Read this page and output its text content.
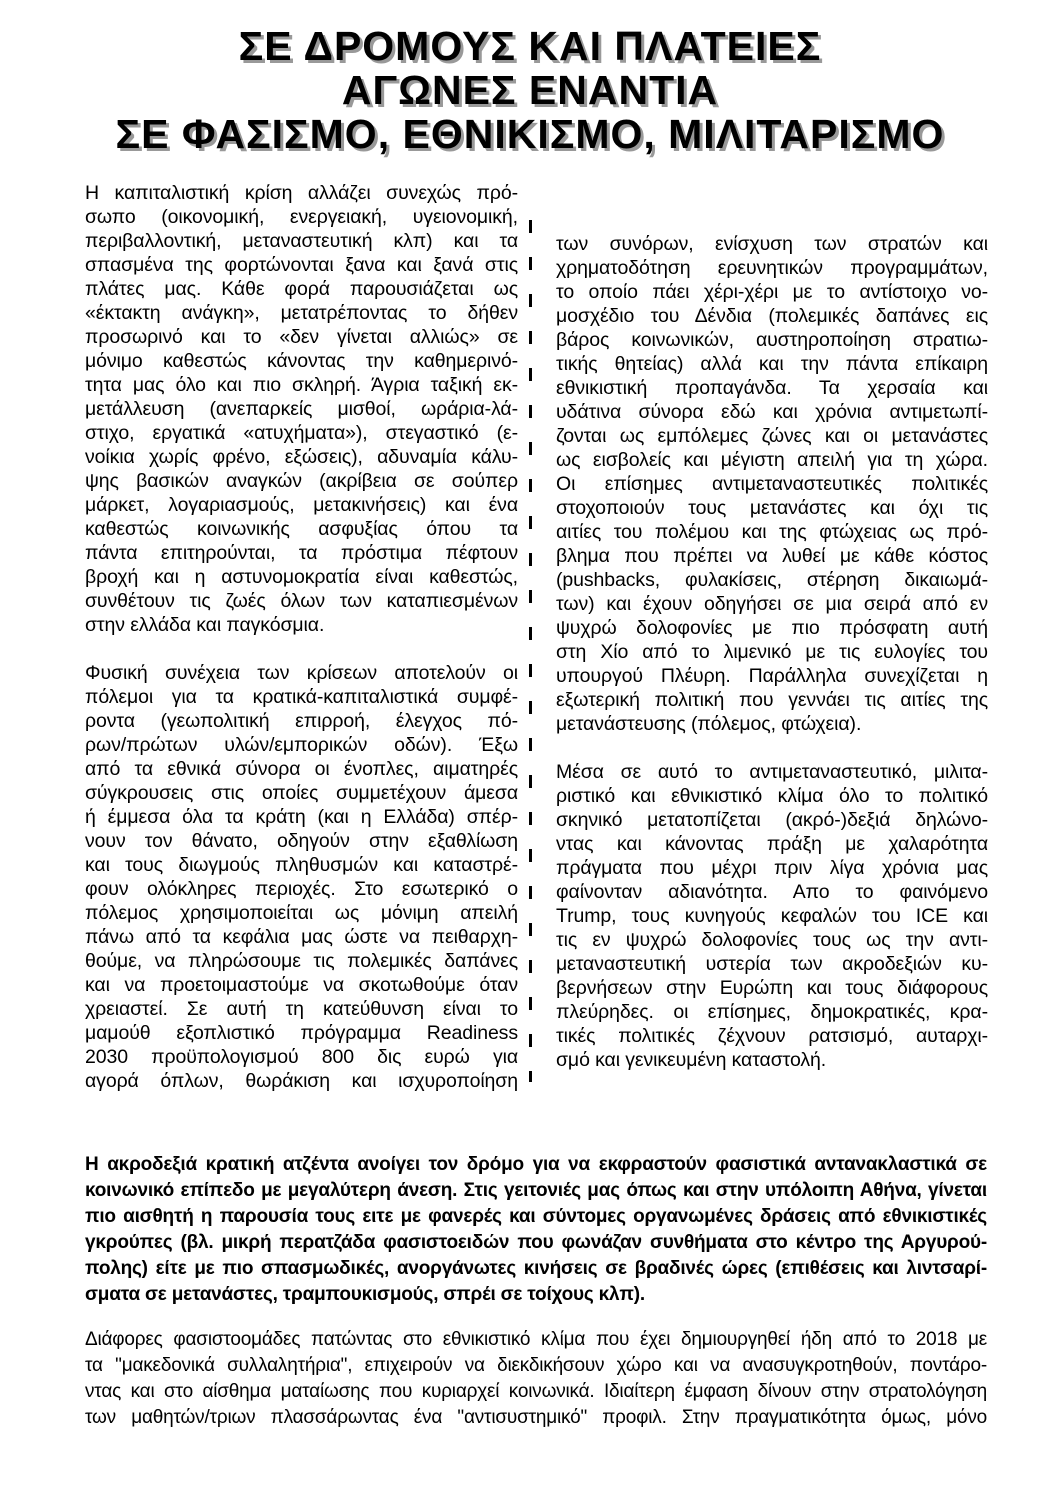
ΣΕ ΔΡΟΜΟΥΣ ΚΑΙ ΠΛΑΤΕΙΕΣ
ΑΓΩΝΕΣ ΕΝΑΝΤΙΑ
ΣΕ ΦΑΣΙΣΜΟ, ΕΘΝΙΚΙΣΜΟ, ΜΙΛΙΤΑΡΙΣΜΟ
Η καπιταλιστική κρίση αλλάζει συνεχώς πρό-
σωπο (οικονομική, ενεργειακή, υγειονομική,
περιβαλλοντική, μεταναστευτική κλπ) και τα
σπασμένα της φορτώνονται ξανα και ξανά στις
πλάτες μας. Κάθε φορά παρουσιάζεται ως
«έκτακτη ανάγκη», μετατρέποντας το δήθεν
προσωρινό και το «δεν γίνεται αλλιώς» σε
μόνιμο καθεστώς κάνοντας την καθημερινό-
τητα μας όλο και πιο σκληρή. Άγρια ταξική εκ-
μετάλλευση (ανεπαρκείς μισθοί, ωράρια-λά-
στιχο, εργατικά «ατυχήματα»), στεγαστικό (ε-
νοίκια χωρίς φρένο, εξώσεις), αδυναμία κάλυ-
ψης βασικών αναγκών (ακρίβεια σε σούπερ
μάρκετ, λογαριασμούς, μετακινήσεις) και ένα
καθεστώς κοινωνικής ασφυξίας όπου τα
πάντα επιτηρούνται, τα πρόστιμα πέφτουν
βροχή και η αστυνομοκρατία είναι καθεστώς,
συνθέτουν τις ζωές όλων των καταπιεσμένων
στην ελλάδα και παγκόσμια.
Φυσική συνέχεια των κρίσεων αποτελούν οι
πόλεμοι για τα κρατικά-καπιταλιστικά συμφέ-
ροντα (γεωπολιτική επιρροή, έλεγχος πό-
ρων/πρώτων υλών/εμπορικών οδών). Έξω
από τα εθνικά σύνορα οι ένοπλες, αιματηρές
σύγκρουσεις στις οποίες συμμετέχουν άμεσα
ή έμμεσα όλα τα κράτη (και η Ελλάδα) σπέρ-
νουν τον θάνατο, οδηγούν στην εξαθλίωση
και τους διωγμούς πληθυσμών και καταστρέ-
φουν ολόκληρες περιοχές. Στο εσωτερικό ο
πόλεμος χρησιμοποιείται ως μόνιμη απειλή
πάνω από τα κεφάλια μας ώστε να πειθαρχη-
θούμε, να πληρώσουμε τις πολεμικές δαπάνες
και να προετοιμαστούμε να σκοτωθούμε όταν
χρειαστεί. Σε αυτή τη κατεύθυνση είναι το
μαμούθ εξοπλιστικό πρόγραμμα Readiness
2030 προϋπολογισμού 800 δις ευρώ για
αγορά όπλων, θωράκιση και ισχυροποίηση
των συνόρων, ενίσχυση των στρατών και
χρηματοδότηση ερευνητικών προγραμμάτων,
το οποίο πάει χέρι-χέρι με το αντίστοιχο νο-
μοσχέδιο του Δένδια (πολεμικές δαπάνες εις
βάρος κοινωνικών, αυστηροποίηση στρατιω-
τικής θητείας) αλλά και την πάντα επίκαιρη
εθνικιστική προπαγάνδα. Τα χερσαία και
υδάτινα σύνορα εδώ και χρόνια αντιμετωπί-
ζονται ως εμπόλεμες ζώνες και οι μετανάστες
ως εισβολείς και μέγιστη απειλή για τη χώρα.
Οι επίσημες αντιμεταναστευτικές πολιτικές
στοχοποιούν τους μετανάστες και όχι τις
αιτίες του πολέμου και της φτώχειας ως πρό-
βλημα που πρέπει να λυθεί με κάθε κόστος
(pushbacks, φυλακίσεις, στέρηση δικαιωμά-
των) και έχουν οδηγήσει σε μια σειρά από εν
ψυχρώ δολοφονίες με πιο πρόσφατη αυτή
στη Χίο από το λιμενικό με τις ευλογίες του
υπουργού Πλέυρη. Παράλληλα συνεχίζεται η
εξωτερική πολιτική που γεννάει τις αιτίες της
μετανάστευσης (πόλεμος, φτώχεια).
Μέσα σε αυτό το αντιμεταναστευτικό, μιλιτα-
ριστικό και εθνικιστικό κλίμα όλο το πολιτικό
σκηνικό μετατοπίζεται (ακρό-)δεξιά δηλώνο-
ντας και κάνοντας πράξη με χαλαρότητα
πράγματα που μέχρι πριν λίγα χρόνια μας
φαίνονταν αδιανότητα. Απο το φαινόμενο
Trump, τους κυνηγούς κεφαλών του ICE και
τις εν ψυχρώ δολοφονίες τους ως την αντι-
μεταναστευτική υστερία των ακροδεξιών κυ-
βερνήσεων στην Ευρώπη και τους διάφορους
πλεύρηδες. οι επίσημες, δημοκρατικές, κρα-
τικές πολιτικές ζέχνουν ρατσισμό, αυταρχι-
σμό και γενικευμένη καταστολή.
Η ακροδεξιά κρατική ατζέντα ανοίγει τον δρόμο για να εκφραστούν φασιστικά αντανακλαστικά σε
κοινωνικό επίπεδο με μεγαλύτερη άνεση. Στις γειτονιές μας όπως και στην υπόλοιπη Αθήνα, γίνεται
πιο αισθητή η παρουσία τους ειτε με φανερές και σύντομες οργανωμένες δράσεις από εθνικιστικές
γκρούπες (βλ. μικρή περατζάδα φασιστοειδών που φωνάζαν συνθήματα στο κέντρο της Αργυρού-
πολης) είτε με πιο σπασμωδικές, ανοργάνωτες κινήσεις σε βραδινές ώρες (επιθέσεις και λιντσαρί-
σματα σε μετανάστες, τραμπουκισμούς, σπρέι σε τοίχους κλπ).
Διάφορες φασιστοομάδες πατώντας στο εθνικιστικό κλίμα που έχει δημιουργηθεί ήδη από το 2018 με
τα "μακεδονικά συλλαλητήρια", επιχειρούν να διεκδικήσουν χώρο και να ανασυγκροτηθούν, ποντάρο-
ντας και στο αίσθημα ματαίωσης που κυριαρχεί κοινωνικά. Ιδιαίτερη έμφαση δίνουν στην στρατολόγηση
των μαθητών/τριων πλασσάρωντας ένα "αντισυστημικό" προφιλ. Στην πραγματικότητα όμως, μόνο
